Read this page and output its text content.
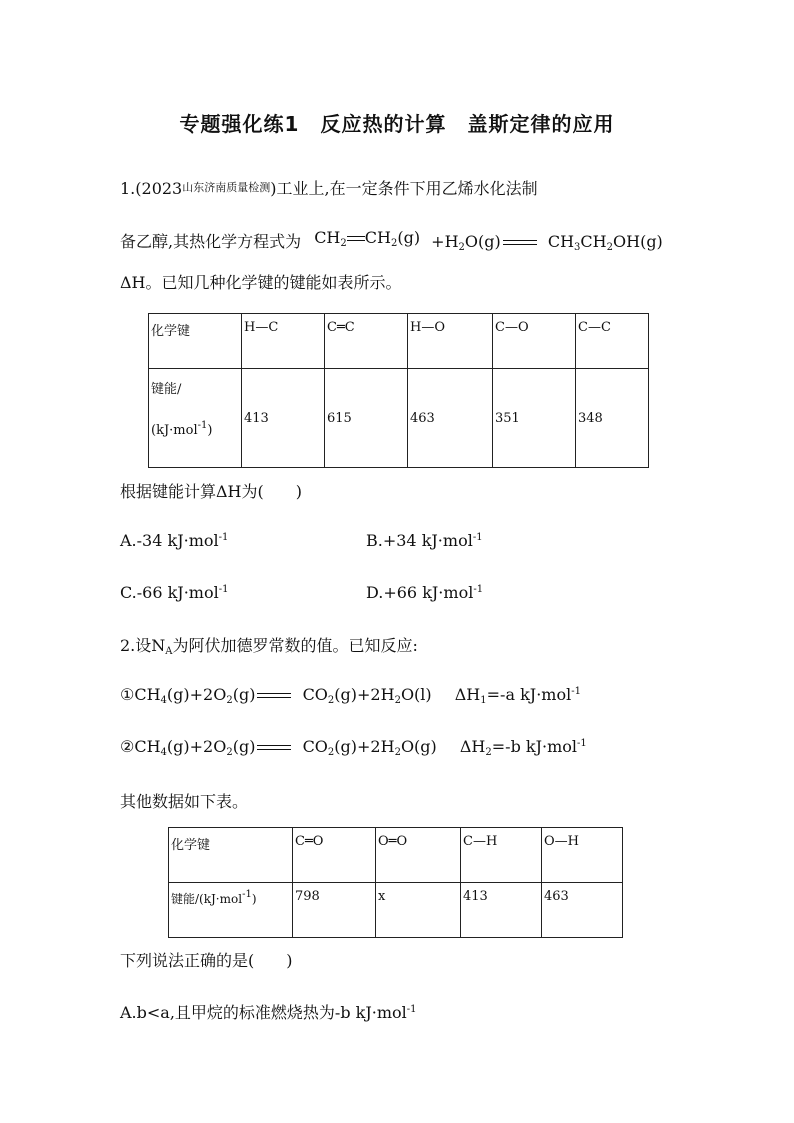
专题强化练1　反应热的计算　盖斯定律的应用
1.(2023山东济南质量检测)工业上,在一定条件下用乙烯水化法制
备乙醇,其热化学方程式为 $CH_2$ $CH_2(g) +H_2O(g)$	$CH_3CH_2OH(g)$
ΔH。已知几种化学键的键能如表所示。
化学键	H—C	C═C	H—O	C—O	C—C

键能/
(kJ·mol$^{-1}$)	413	615	463	351	348
根据键能计算ΔH为(　　)
A.-34 kJ·mol$^{-1}$	B.+34 kJ·mol$^{-1}$
C.-66 kJ·mol$^{-1}$	D.+66 kJ·mol$^{-1}$
2.设$N_A$为阿伏加德罗常数的值。已知反应:
$①CH_4(g)+2O_2(g)$	$CO_2(g)+2H_2O(l)$ $\Delta H_1=-a$ kJ·mol$^{-1}$
$②CH_4(g)+2O_2(g)$	$CO_2(g)+2H_2O(g)$ $\Delta H_2=-b$ kJ·mol$^{-1}$
其他数据如下表。
化学键	C═O	O═O	C—H	O—H
键能/(kJ·mol$^{-1}$)	798	x	413	463
下列说法正确的是(　　)
A.b<a,且甲烷的标准燃烧热为-b kJ·mol$^{-1}$
